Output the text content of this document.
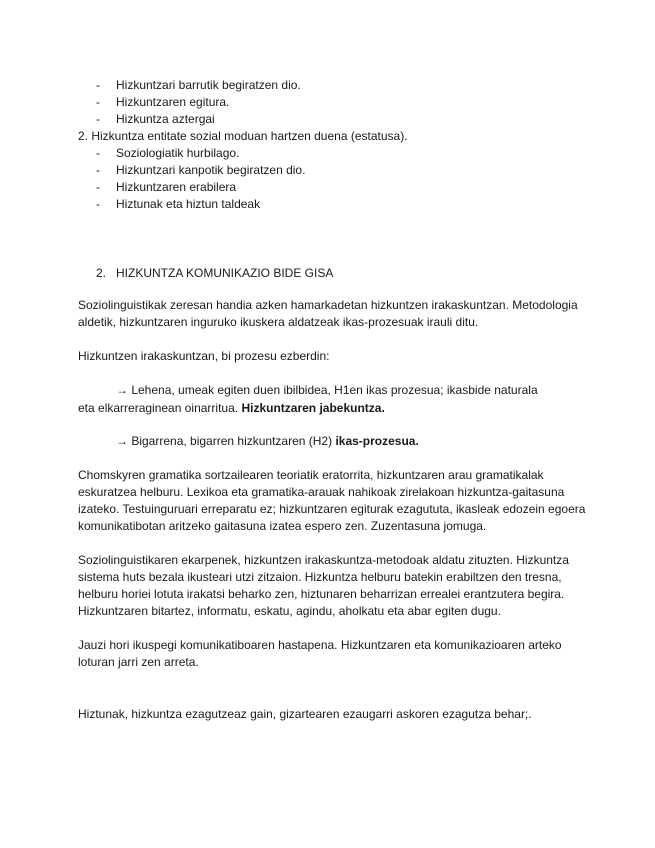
- Hizkuntzari barrutik begiratzen dio.
- Hizkuntzaren egitura.
- Hizkuntza aztergai
2. Hizkuntza entitate sozial moduan hartzen duena (estatusa).
- Soziologiatik hurbilago.
- Hizkuntzari kanpotik begiratzen dio.
- Hizkuntzaren erabilera
- Hiztunak eta hiztun taldeak
2. HIZKUNTZA KOMUNIKAZIO BIDE GISA

Soziolinguistikak zeresan handia azken hamarkadetan hizkuntzen irakaskuntzan. Metodologia aldetik, hizkuntzaren inguruko ikuskera aldatzeak ikas-prozesuak irauli ditu.

Hizkuntzen irakaskuntzan, bi prozesu ezberdin:

→ Lehena, umeak egiten duen ibilbidea, H1en ikas prozesua; ikasbide naturala
eta elkarreraginean oinarritua. Hizkuntzaren jabekuntza.
→ Bigarrena, bigarren hizkuntzaren (H2) ikas-prozesua.

Chomskyren gramatika sortzailearen teoriatik eratorrita, hizkuntzaren arau gramatikalak eskuratzea helburu. Lexikoa eta gramatika-arauak nahikoak zirelakoan hizkuntza-gaitasuna izateko. Testuinguruari erreparatu ez; hizkuntzaren egiturak ezagututa, ikasleak edozein egoera komunikatibotan aritzeko gaitasuna izatea espero zen. Zuzentasuna jomuga.

Soziolinguistikaren ekarpenek, hizkuntzen irakaskuntza-metodoak aldatu zituzten. Hizkuntza sistema huts bezala ikusteari utzi zitzaion. Hizkuntza helburu batekin erabiltzen den tresna, helburu horiei lotuta irakatsi beharko zen, hiztunaren beharrizan errealei erantzutera begira. Hizkuntzaren bitartez, informatu, eskatu, agindu, aholkatu eta abar egiten dugu.

Jauzi hori ikuspegi komunikatiboaren hastapena. Hizkuntzaren eta komunikazioaren arteko loturan jarri zen arreta.

Hiztunak, hizkuntza ezagutzeaz gain, gizartearen ezaugarri askoren ezagutza behar;.
